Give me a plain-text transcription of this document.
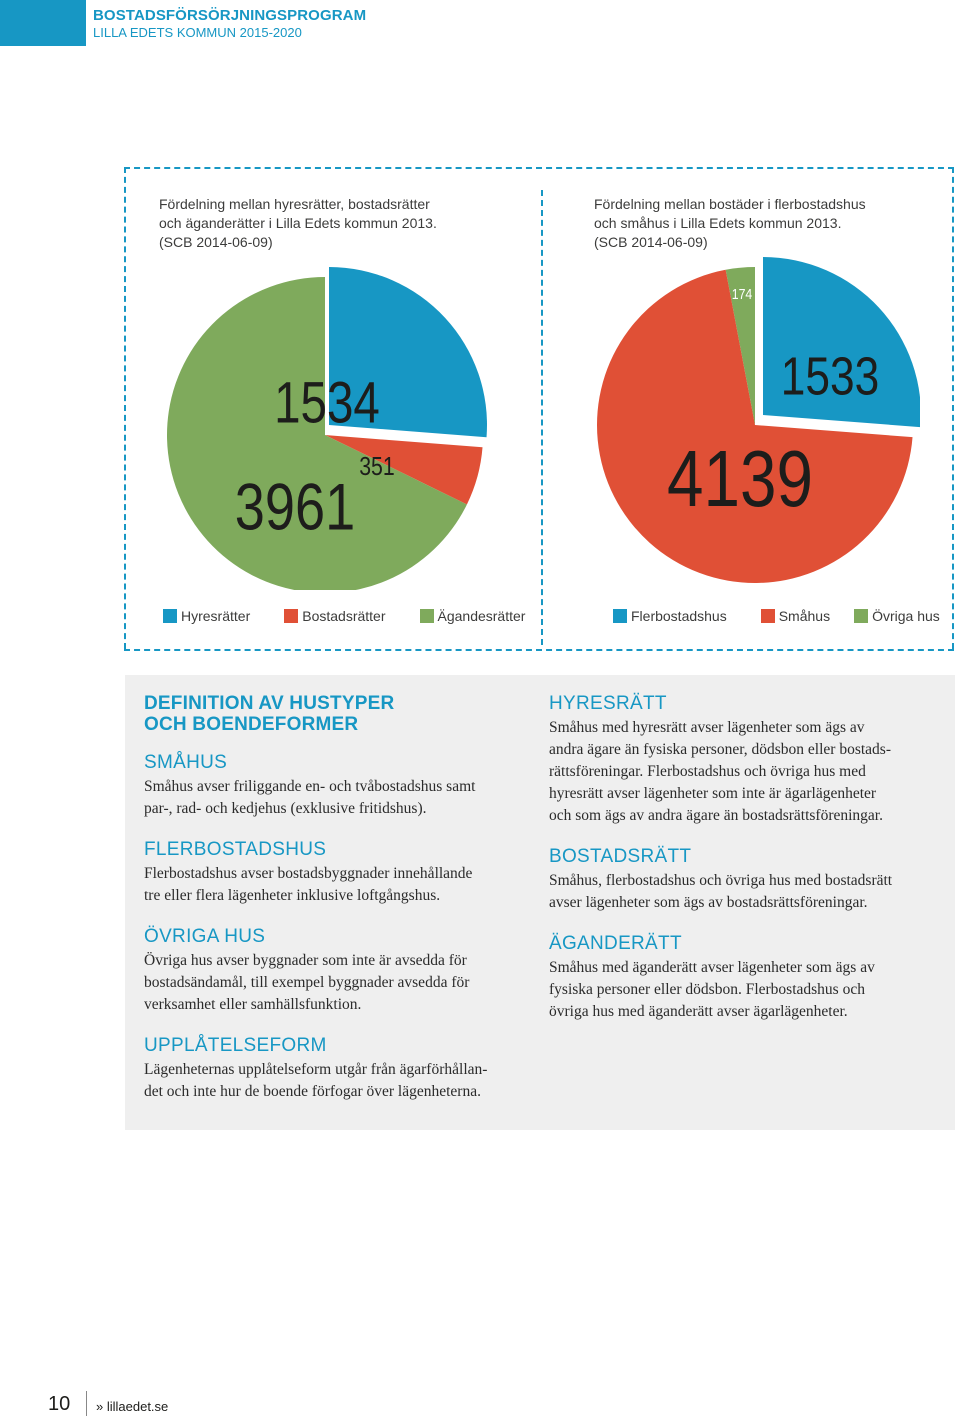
BOSTADSFÖRSÖRJNINGSPROGRAM
LILLA EDETS KOMMUN 2015-2020
Fördelning mellan hyresrätter, bostadsrätter
och äganderätter i Lilla Edets kommun 2013.
(SCB 2014-06-09)
Fördelning mellan bostäder i flerbostadshus
och småhus i Lilla Edets kommun 2013.
(SCB 2014-06-09)
1534
351
3961
1533
4139
174
Hyresrätter	Bostadsrätter	Ägandesrätter	Flerbostadshus	Småhus	Övriga hus

DEFINITION AV HUSTYPER

OCH BOENDEFORMER

SMÅHUS

Småhus avser friliggande en- och tvåbostadshus samt

par-, rad- och kedjehus (exklusive fritidshus).

FLERBOSTADSHUS

Flerbostadshus avser bostadsbyggnader innehållande

tre eller flera lägenheter inklusive loftgångshus.

ÖVRIGA HUS

Övriga hus avser byggnader som inte är avsedda för

bostadsändamål, till exempel byggnader avsedda för

verksamhet eller samhällsfunktion.

UPPLÅTELSEFORM

Lägenheternas upplåtelseform utgår från ägarförhållan-

det och inte hur de boende förfogar över lägenheterna.

HYRESRÄTT

Småhus med hyresrätt avser lägenheter som ägs av

andra ägare än fysiska personer, dödsbon eller bostads-

rättsföreningar. Flerbostadshus och övriga hus med

hyresrätt avser lägenheter som inte är ägarlägenheter

och som ägs av andra ägare än bostadsrättsföreningar.

BOSTADSRÄTT

Småhus, flerbostadshus och övriga hus med bostadsrätt

avser lägenheter som ägs av bostadsrättsföreningar.

ÄGANDERÄTT

Småhus med äganderätt avser lägenheter som ägs av

fysiska personer eller dödsbon. Flerbostadshus och

övriga hus med äganderätt avser ägarlägenheter.

10 » lillaedet.se
